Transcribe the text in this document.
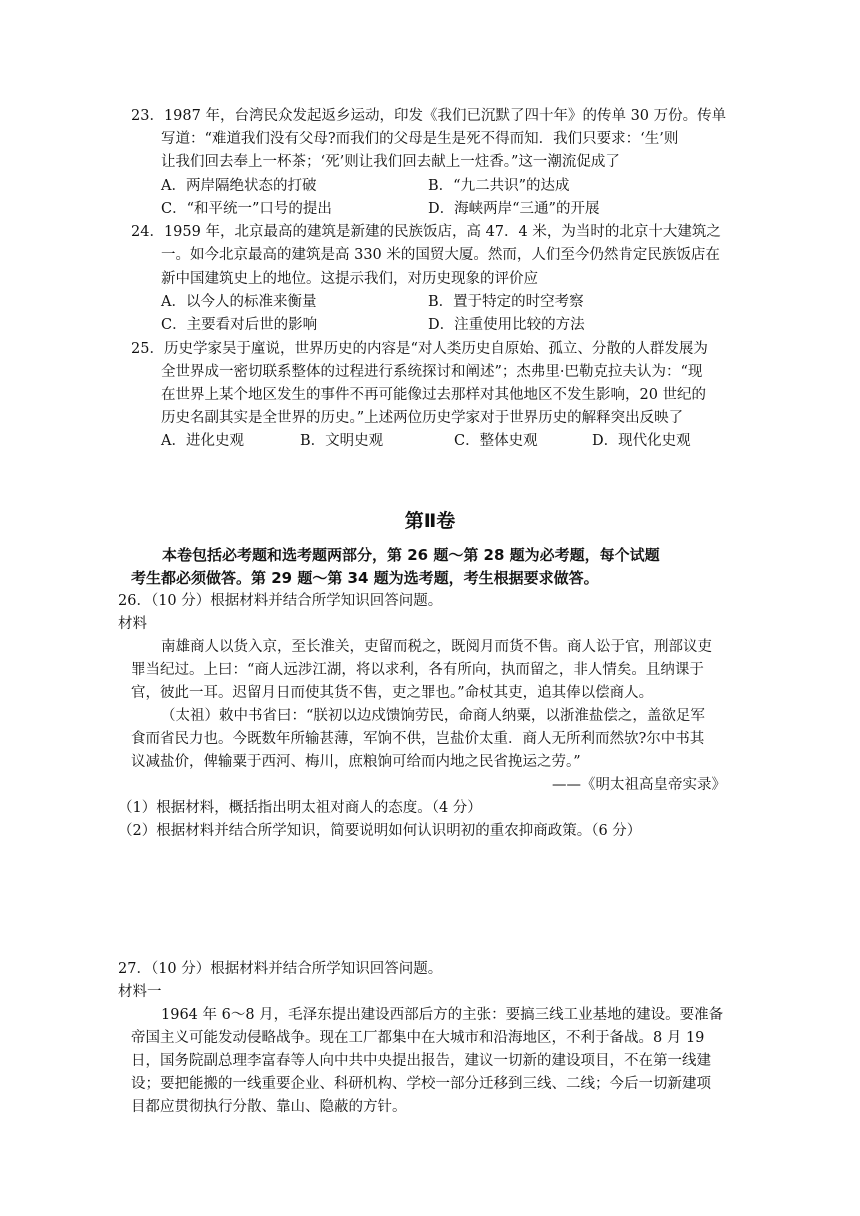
23．1987 年，台湾民众发起返乡运动，印发《我们已沉默了四十年》的传单 30 万份。传单
写道：“难道我们没有父母?而我们的父母是生是死不得而知．我们只要求：‘生’则
让我们回去奉上一杯茶；‘死’则让我们回去献上一炷香。”这一潮流促成了
A．两岸隔绝状态的打破	B．“九二共识”的达成
C．“和平统一”口号的提出	D．海峡两岸“三通”的开展
24．1959 年，北京最高的建筑是新建的民族饭店，高 47．4 米，为当时的北京十大建筑之
一。如今北京最高的建筑是高 330 米的国贸大厦。然而，人们至今仍然肯定民族饭店在
新中国建筑史上的地位。这提示我们，对历史现象的评价应
A．以今人的标准来衡量	B．置于特定的时空考察
C．主要看对后世的影响	D．注重使用比较的方法
25．历史学家吴于廑说，世界历史的内容是“对人类历史自原始、孤立、分散的人群发展为
全世界成一密切联系整体的过程进行系统探讨和阐述”；杰弗里·巴勒克拉夫认为：“现
在世界上某个地区发生的事件不再可能像过去那样对其他地区不发生影响，20 世纪的
历史名副其实是全世界的历史。”上述两位历史学家对于世界历史的解释突出反映了
A．进化史观	B．文明史观	C．整体史观	D．现代化史观
第Ⅱ卷
本卷包括必考题和选考题两部分，第 26 题～第 28 题为必考题，每个试题
考生都必须做答。第 29 题～第 34 题为选考题，考生根据要求做答。
26．（10 分）根据材料并结合所学知识回答问题。
材料
南雄商人以货入京，至长淮关，吏留而税之，既阅月而货不售。商人讼于官，刑部议吏
罪当纪过。上曰：“商人远涉江湖，将以求利，各有所向，执而留之，非人情矣。且纳课于
官，彼此一耳。迟留月日而使其货不售，吏之罪也。”命杖其吏，追其俸以偿商人。
（太祖）敕中书省曰：“朕初以边戍馈饷劳民，命商人纳粟，以浙淮盐偿之，盖欲足军
食而省民力也。今既数年所输甚薄，军饷不供，岂盐价太重．商人无所利而然欤?尔中书其
议减盐价，俾输粟于西河、梅川，庶粮饷可给而内地之民省挽运之劳。”
——《明太祖高皇帝实录》
（1）根据材料，概括指出明太祖对商人的态度。（4 分）
（2）根据材料并结合所学知识，简要说明如何认识明初的重农抑商政策。（6 分）
27．（10 分）根据材料并结合所学知识回答问题。
材料一
1964 年 6～8 月，毛泽东提出建设西部后方的主张：要搞三线工业基地的建设。要准备
帝国主义可能发动侵略战争。现在工厂都集中在大城市和沿海地区，不利于备战。8 月 19
日，国务院副总理李富春等人向中共中央提出报告，建议一切新的建设项目，不在第一线建
设；要把能搬的一线重要企业、科研机构、学校一部分迁移到三线、二线；今后一切新建项
目都应贯彻执行分散、靠山、隐蔽的方针。
